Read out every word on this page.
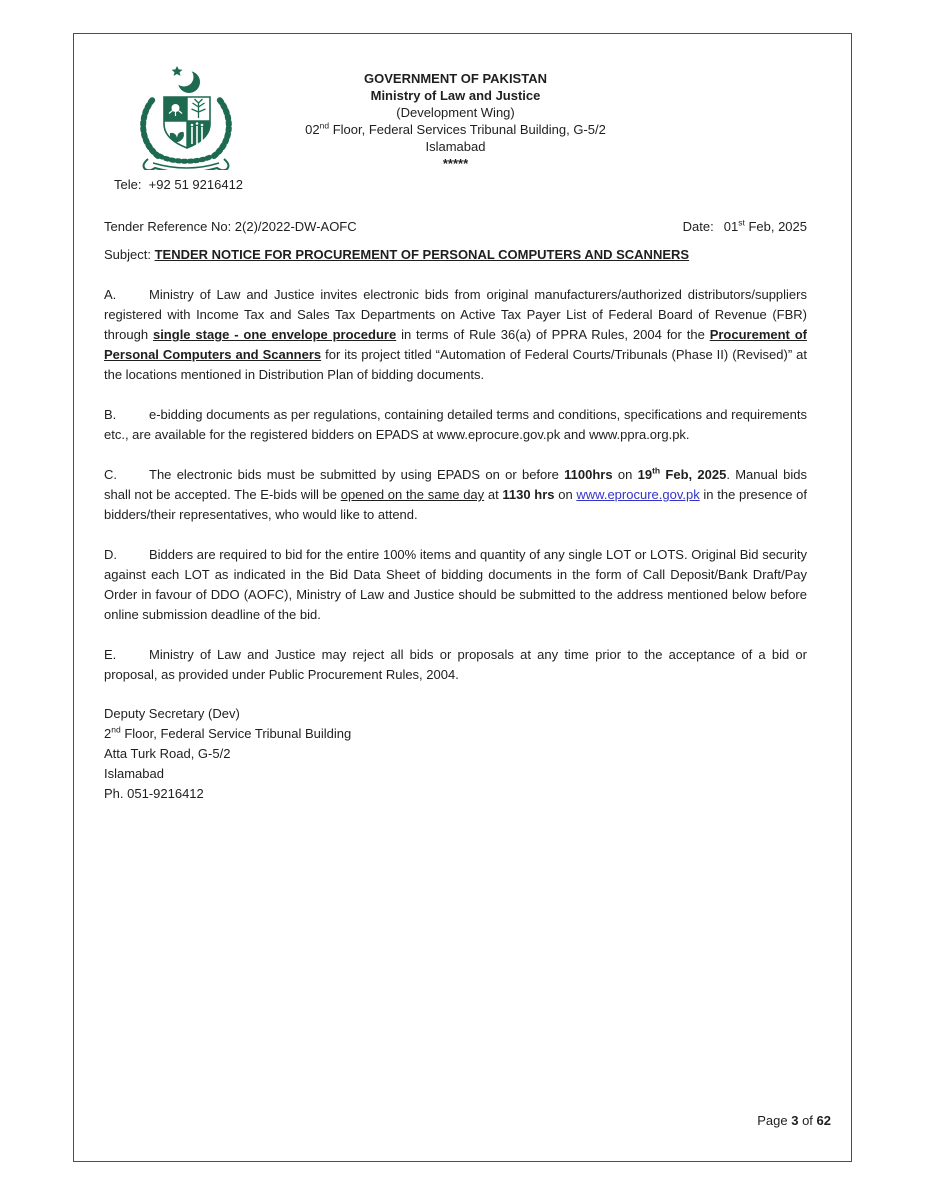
GOVERNMENT OF PAKISTAN
Ministry of Law and Justice
(Development Wing)
02nd Floor, Federal Services Tribunal Building, G-5/2
Islamabad
*****
Tele:  +92 51 9216412
Tender Reference No: 2(2)/2022-DW-AOFC	Date: 01st Feb, 2025
Subject: TENDER NOTICE FOR PROCUREMENT OF PERSONAL COMPUTERS AND SCANNERS
A.	Ministry of Law and Justice invites electronic bids from original manufacturers/authorized distributors/suppliers registered with Income Tax and Sales Tax Departments on Active Tax Payer List of Federal Board of Revenue (FBR) through single stage - one envelope procedure in terms of Rule 36(a) of PPRA Rules, 2004 for the Procurement of Personal Computers and Scanners for its project titled “Automation of Federal Courts/Tribunals (Phase II) (Revised)” at the locations mentioned in Distribution Plan of bidding documents.
B.	e-bidding documents as per regulations, containing detailed terms and conditions, specifications and requirements etc., are available for the registered bidders on EPADS at www.eprocure.gov.pk and www.ppra.org.pk.
C. The electronic bids must be submitted by using EPADS on or before 1100hrs on 19th Feb, 2025. Manual bids shall not be accepted. The E-bids will be opened on the same day at 1130 hrs on www.eprocure.gov.pk in the presence of bidders/their representatives, who would like to attend.
D. Bidders are required to bid for the entire 100% items and quantity of any single LOT or LOTS. Original Bid security against each LOT as indicated in the Bid Data Sheet of bidding documents in the form of Call Deposit/Bank Draft/Pay Order in favour of DDO (AOFC), Ministry of Law and Justice should be submitted to the address mentioned below before online submission deadline of the bid.
E.	Ministry of Law and Justice may reject all bids or proposals at any time prior to the acceptance of a bid or proposal, as provided under Public Procurement Rules, 2004.
Deputy Secretary (Dev)
2nd Floor, Federal Service Tribunal Building
Atta Turk Road, G-5/2
Islamabad
Ph. 051-9216412
Page 3 of 62
